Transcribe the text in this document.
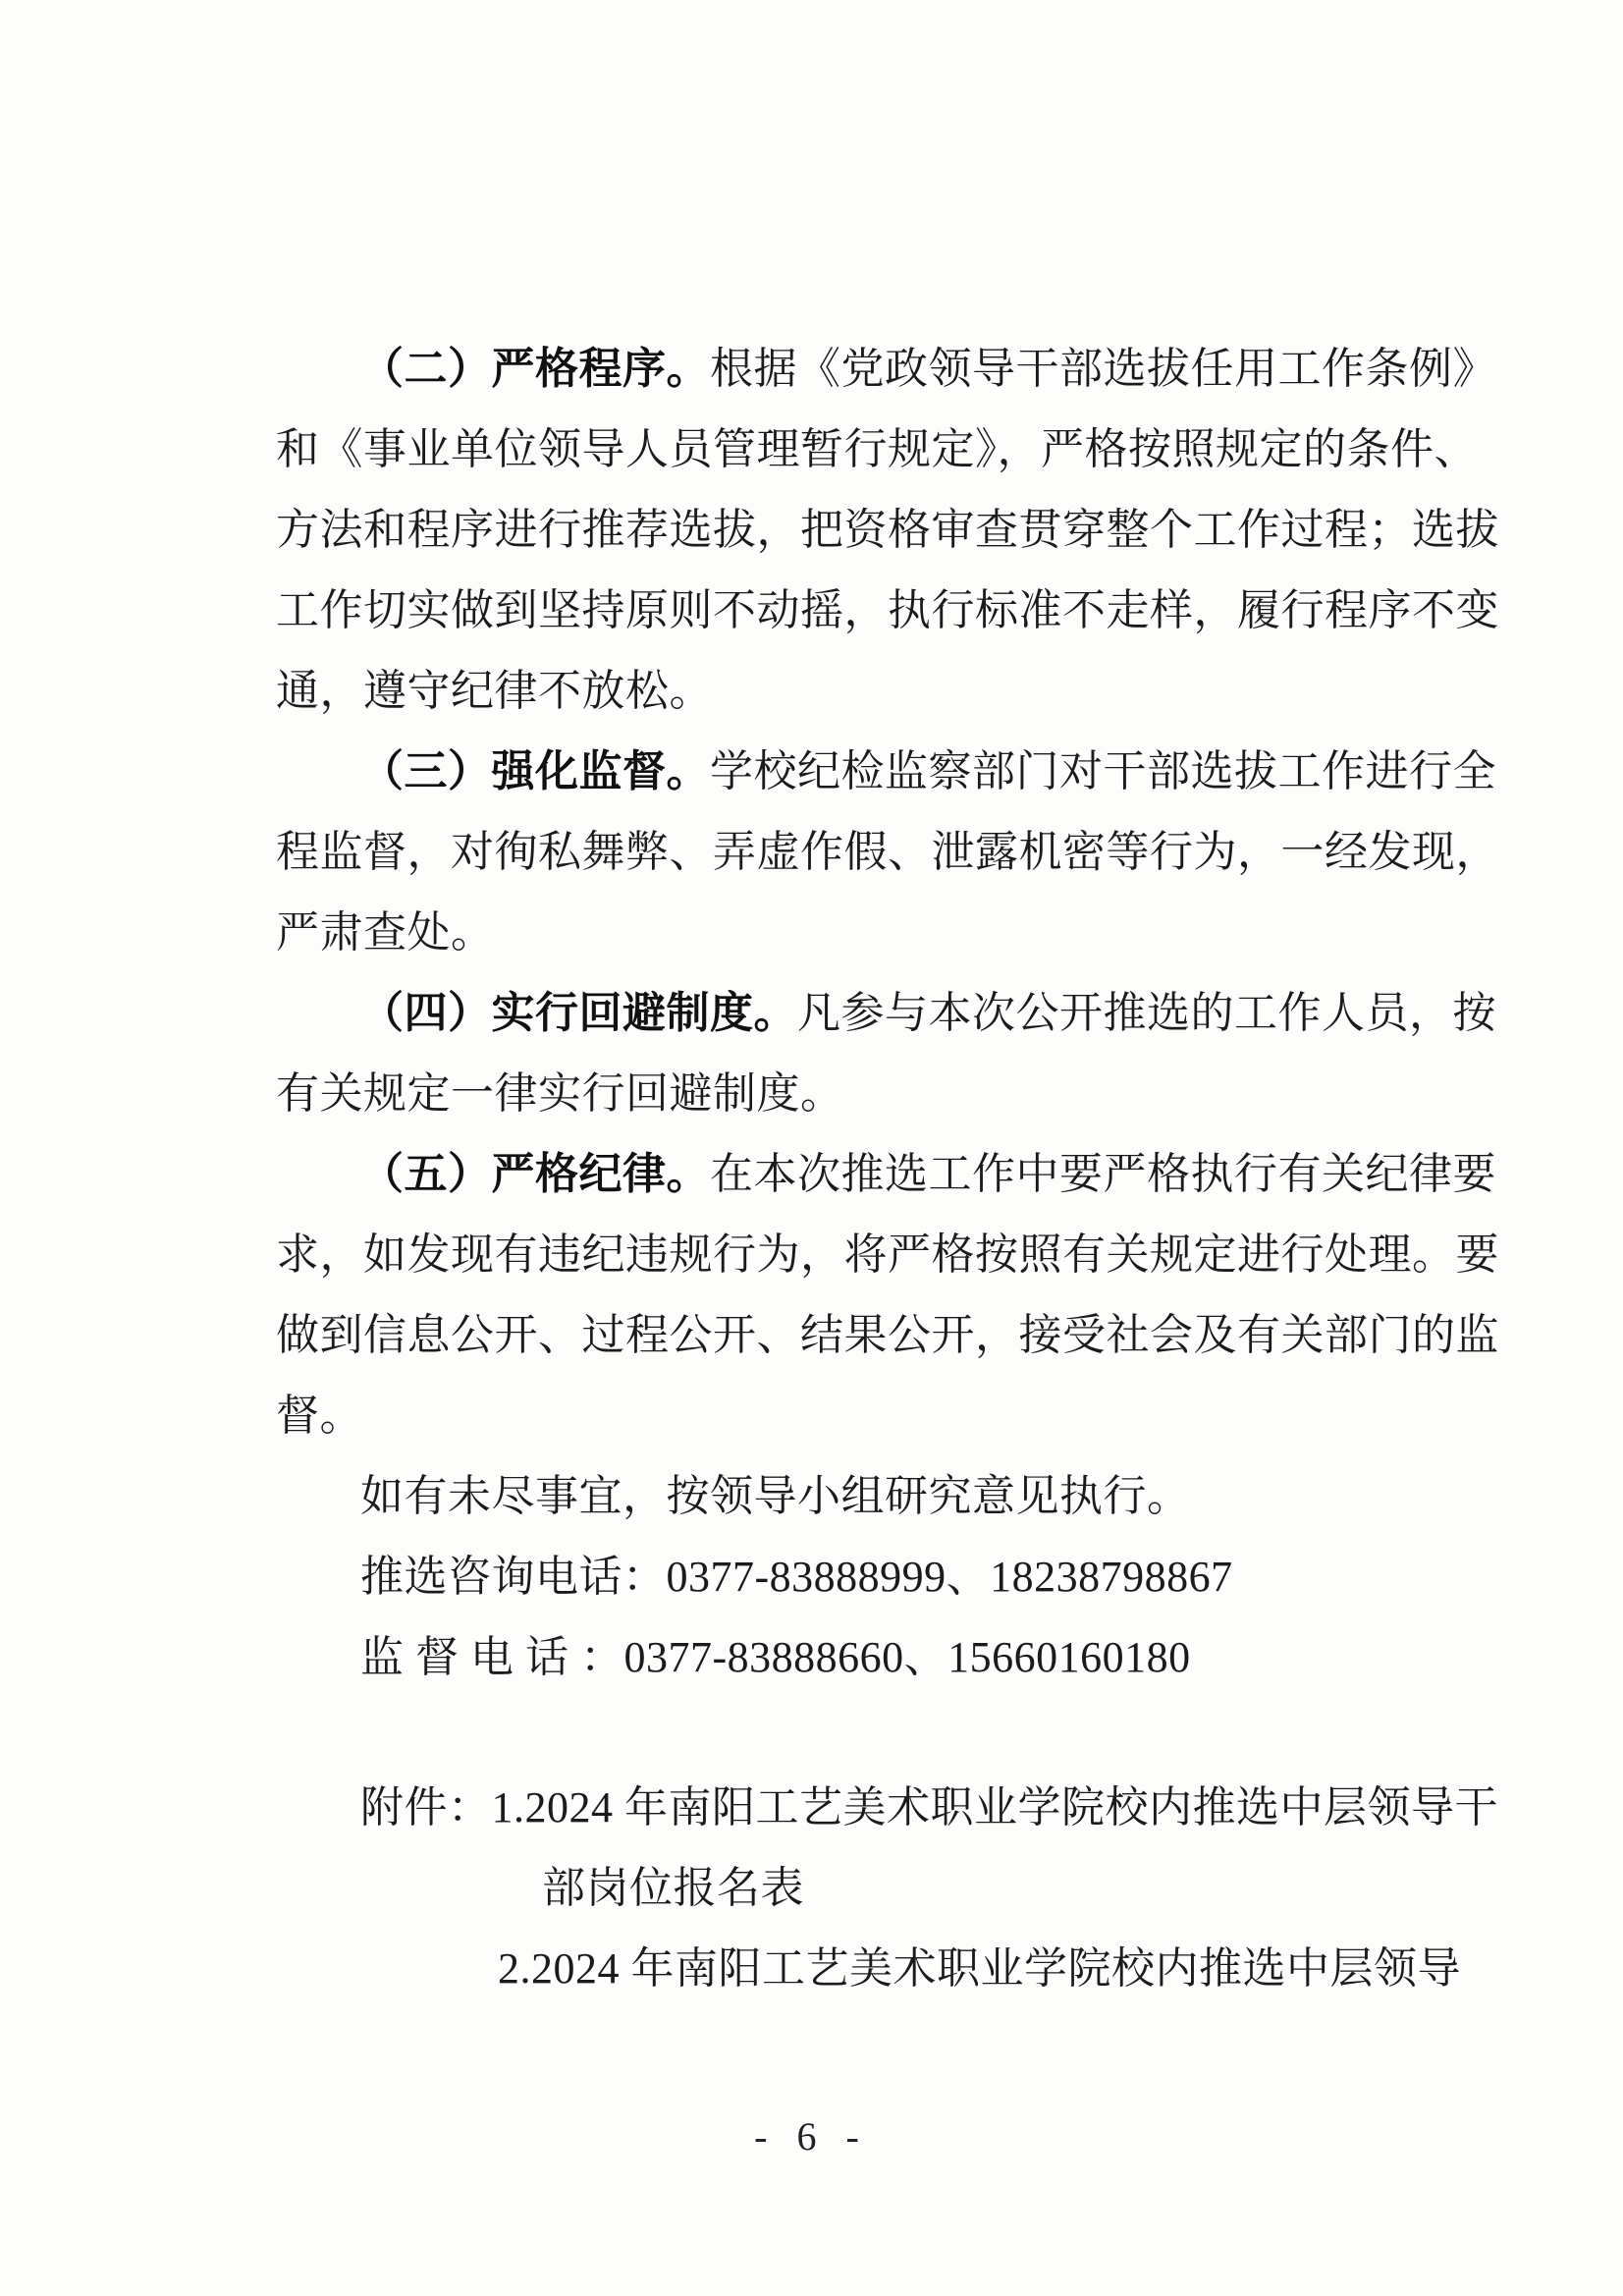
（二）严格程序。根据《党政领导干部选拔任用工作条例》
和《事业单位领导人员管理暂行规定》，严格按照规定的条件、
方法和程序进行推荐选拔，把资格审查贯穿整个工作过程；选拔
工作切实做到坚持原则不动摇，执行标准不走样，履行程序不变
通，遵守纪律不放松。
（三）强化监督。学校纪检监察部门对干部选拔工作进行全
程监督，对徇私舞弊、弄虚作假、泄露机密等行为，一经发现，
严肃查处。
（四）实行回避制度。凡参与本次公开推选的工作人员，按
有关规定一律实行回避制度。
（五）严格纪律。在本次推选工作中要严格执行有关纪律要
求，如发现有违纪违规行为，将严格按照有关规定进行处理。要
做到信息公开、过程公开、结果公开，接受社会及有关部门的监
督。
如有未尽事宜，按领导小组研究意见执行。
推选咨询电话：0377-83888999、18238798867
监 督 电 话 ：0377-83888660、15660160180
附件：1.2024 年南阳工艺美术职业学院校内推选中层领导干
部岗位报名表
2.2024 年南阳工艺美术职业学院校内推选中层领导
- 6 -
